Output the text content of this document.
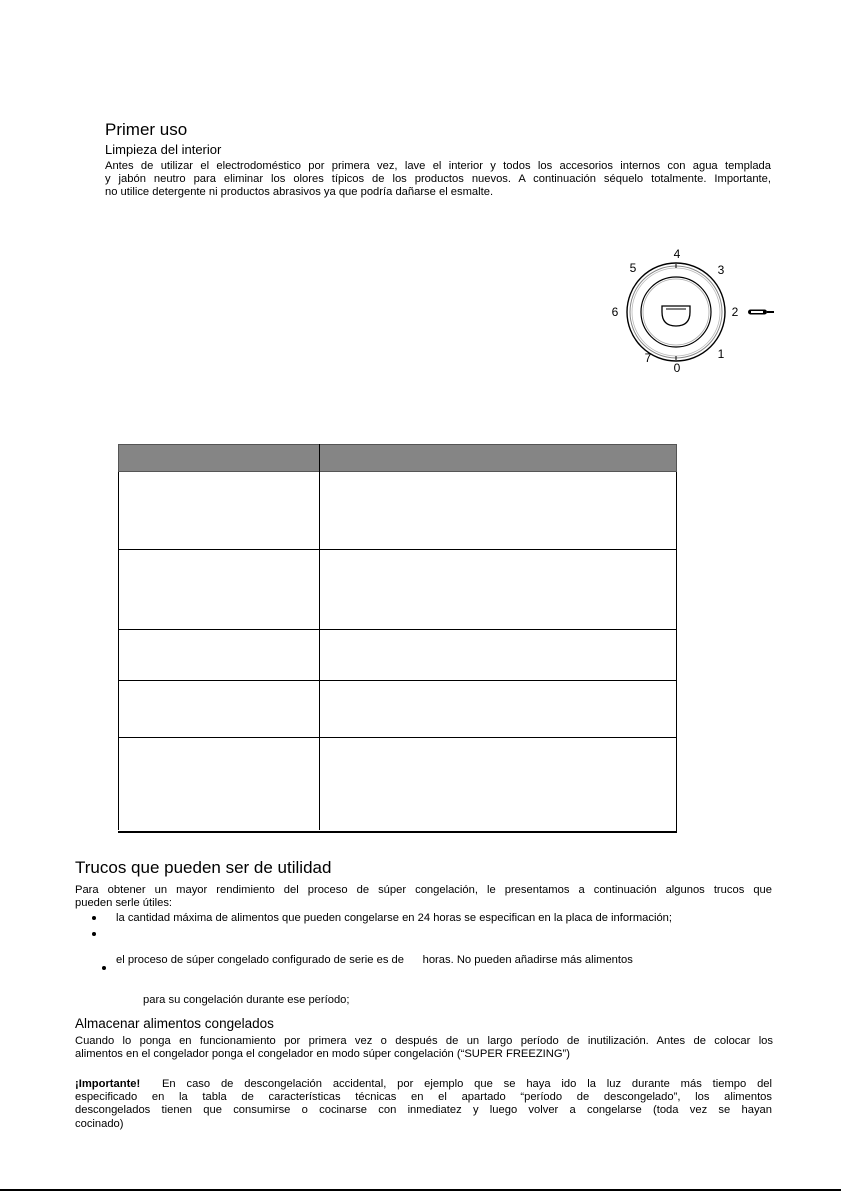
Primer uso
Limpieza del interior
Antes de utilizar el electrodoméstico por primera vez, lave el interior y todos los accesorios internos con agua templada
y jabón neutro para eliminar los olores típicos de los productos nuevos. A continuación séquelo totalmente. Importante,
no utilice detergente ni productos abrasivos ya que podría dañarse el esmalte.
4
5	3
6	2
7	1
0
Trucos que pueden ser de utilidad
Para obtener un mayor rendimiento del proceso de súper congelación, le presentamos a continuación algunos trucos que
pueden serle útiles:
la cantidad máxima de alimentos que pueden congelarse en 24 horas se especifican en la placa de información;

el proceso de súper congelado configurado de serie es de      horas. No pueden añadirse más alimentos

para su congelación durante ese período;

Almacenar alimentos congelados
Cuando lo ponga en funcionamiento por primera vez o después de un largo período de inutilización. Antes de colocar los
alimentos en el congelador ponga el congelador en modo súper congelación (“SUPER FREEZING”)
¡Importante! En caso de descongelación accidental, por ejemplo que se haya ido la luz durante más tiempo del
especificado en la tabla de características técnicas en el apartado “período de descongelado”, los alimentos
descongelados tienen que consumirse o cocinarse con inmediatez y luego volver a congelarse (toda vez se hayan
cocinado)
